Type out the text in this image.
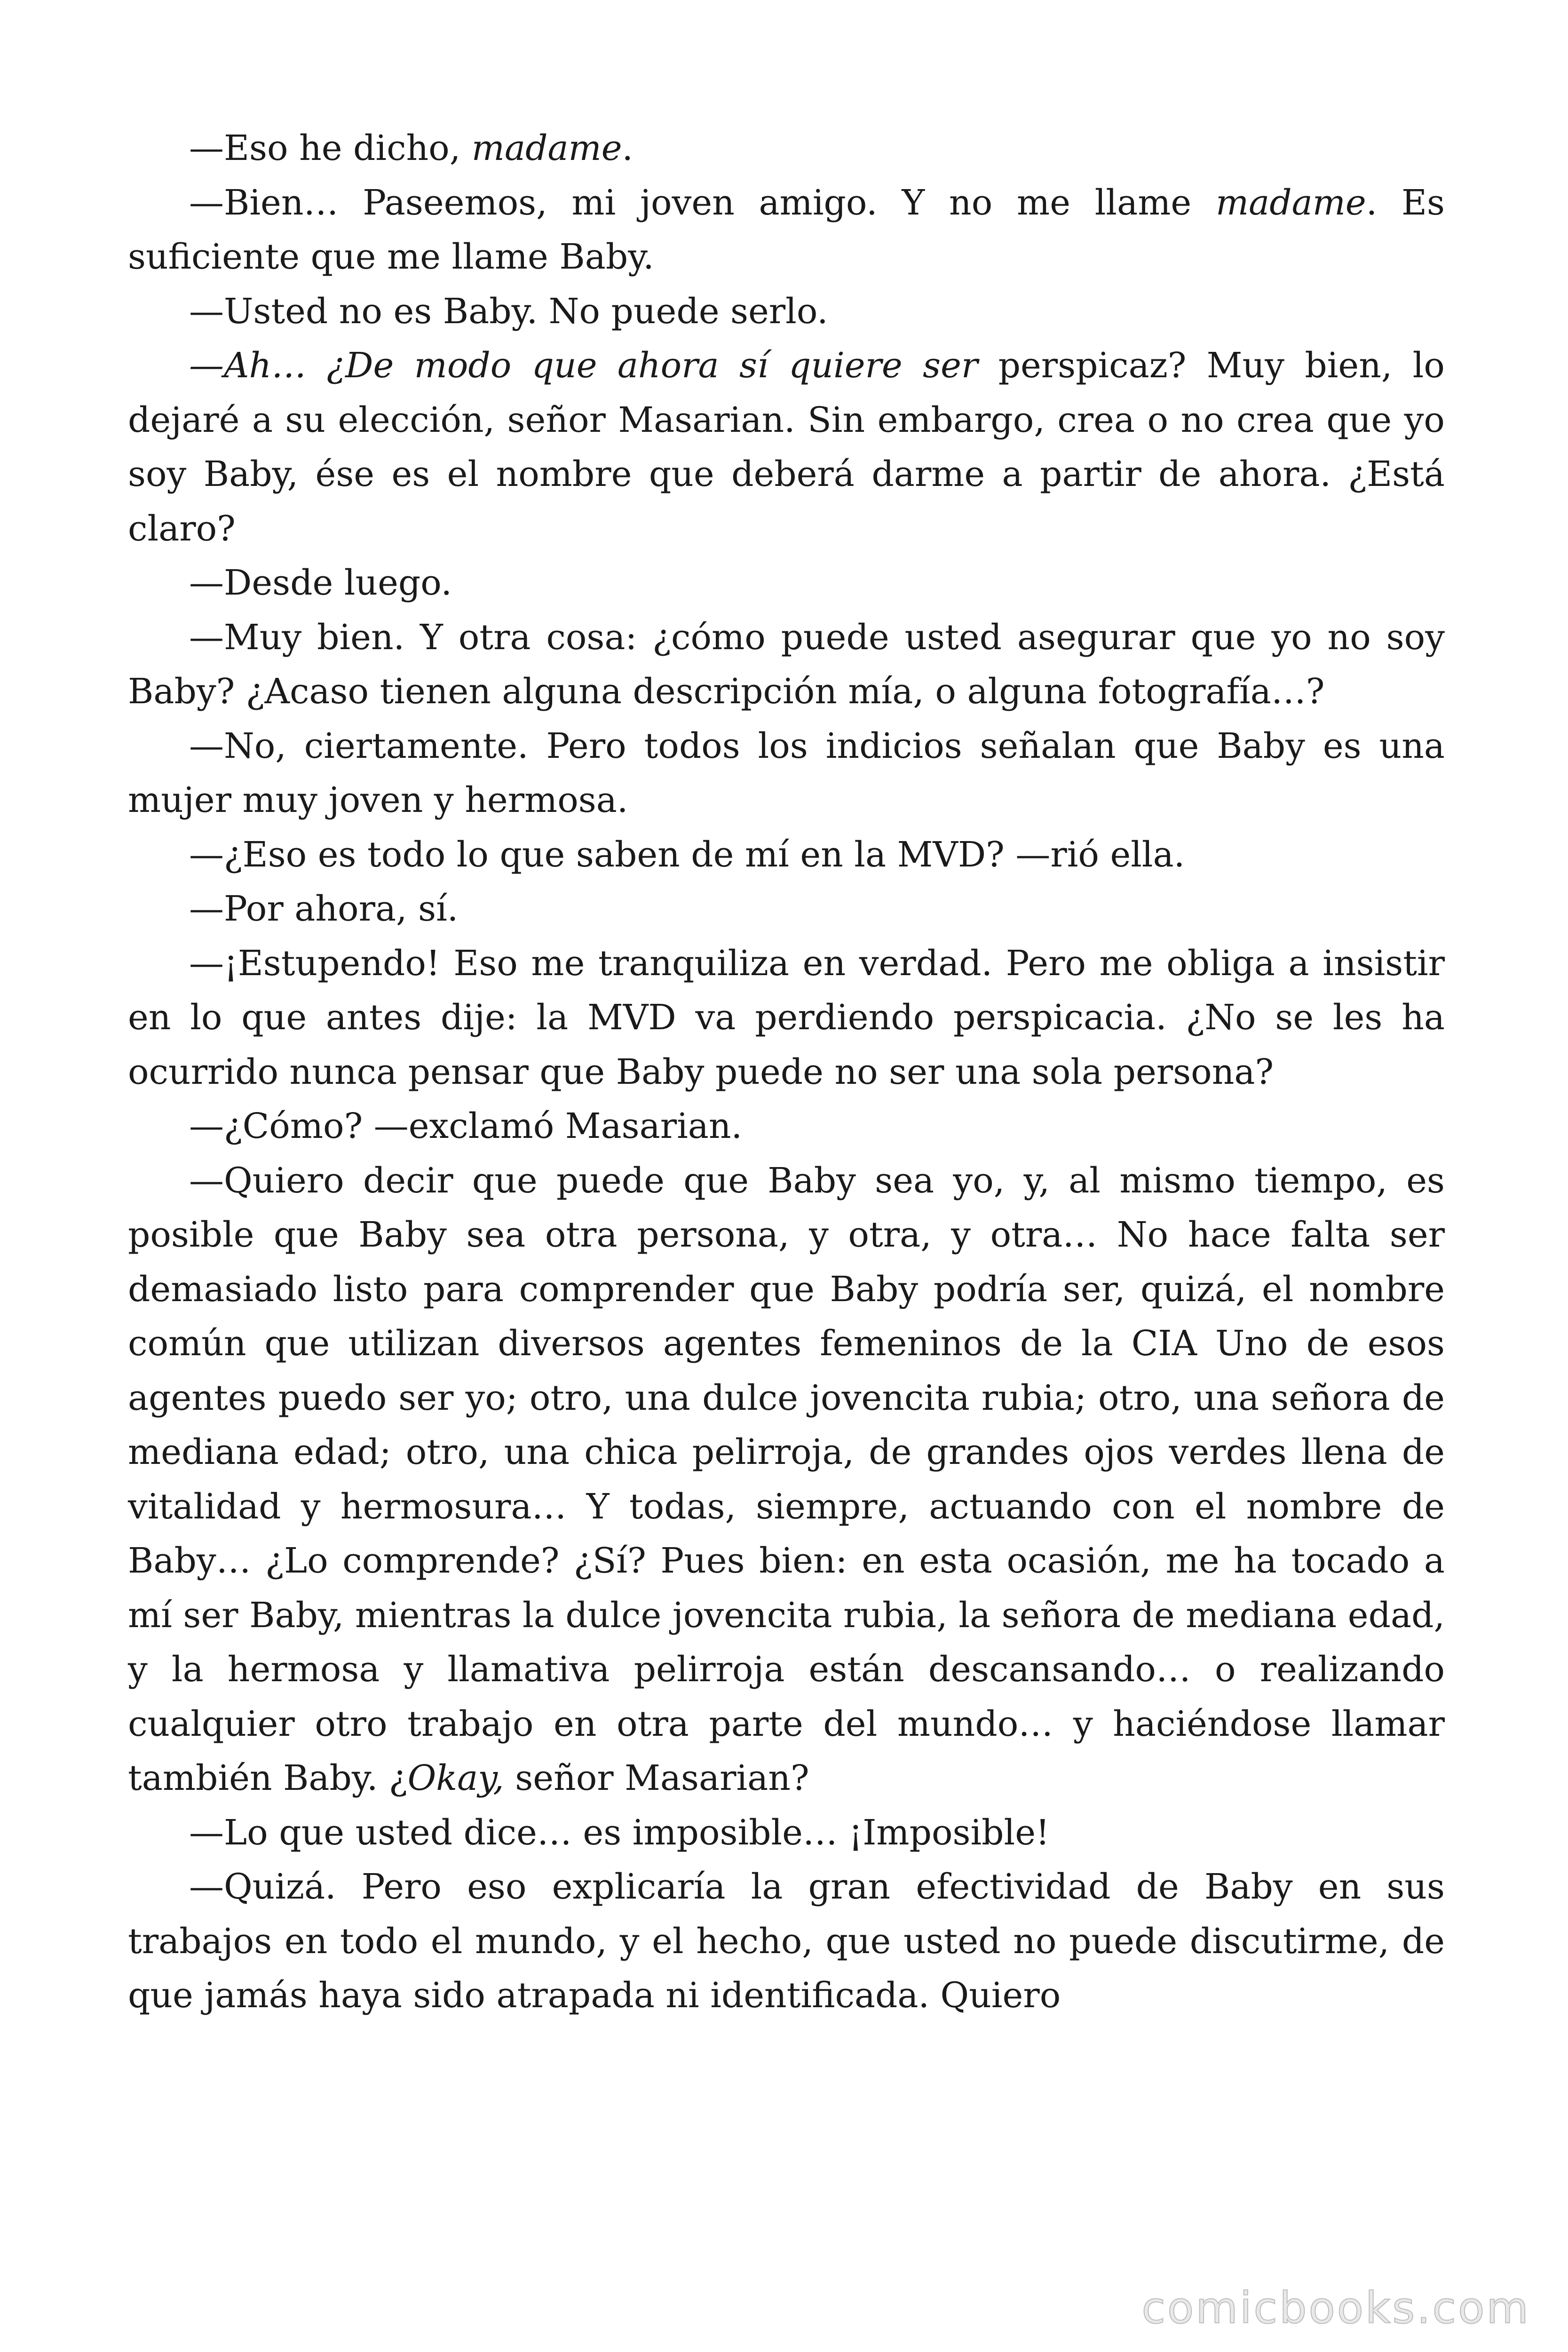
—Eso he dicho, madame.

—Bien… Paseemos, mi joven amigo. Y no me llame madame. Es suficiente que me llame Baby.

—Usted no es Baby. No puede serlo.

—Ah… ¿De modo que ahora sí quiere ser perspicaz? Muy bien, lo dejaré a su elección, señor Masarian. Sin embargo, crea o no crea que yo soy Baby, ése es el nombre que deberá darme a partir de ahora. ¿Está claro?

—Desde luego.

—Muy bien. Y otra cosa: ¿cómo puede usted asegurar que yo no soy Baby? ¿Acaso tienen alguna descripción mía, o alguna fotografía…?

—No, ciertamente. Pero todos los indicios señalan que Baby es una mujer muy joven y hermosa.

—¿Eso es todo lo que saben de mí en la MVD? —rió ella.

—Por ahora, sí.

—¡Estupendo! Eso me tranquiliza en verdad. Pero me obliga a insistir en lo que antes dije: la MVD va perdiendo perspicacia. ¿No se les ha ocurrido nunca pensar que Baby puede no ser una sola persona?

—¿Cómo? —exclamó Masarian.

—Quiero decir que puede que Baby sea yo, y, al mismo tiempo, es posible que Baby sea otra persona, y otra, y otra… No hace falta ser demasiado listo para comprender que Baby podría ser, quizá, el nombre común que utilizan diversos agentes femeninos de la CIA Uno de esos agentes puedo ser yo; otro, una dulce jovencita rubia; otro, una señora de mediana edad; otro, una chica pelirroja, de grandes ojos verdes llena de vitalidad y hermosura… Y todas, siempre, actuando con el nombre de Baby… ¿Lo comprende? ¿Sí? Pues bien: en esta ocasión, me ha tocado a mí ser Baby, mientras la dulce jovencita rubia, la señora de mediana edad, y la hermosa y llamativa pelirroja están descansando… o realizando cualquier otro trabajo en otra parte del mundo… y haciéndose llamar también Baby. ¿Okay, señor Masarian?

—Lo que usted dice… es imposible… ¡Imposible!

—Quizá. Pero eso explicaría la gran efectividad de Baby en sus trabajos en todo el mundo, y el hecho, que usted no puede discutirme, de que jamás haya sido atrapada ni identificada. Quiero

comicbooks.com
